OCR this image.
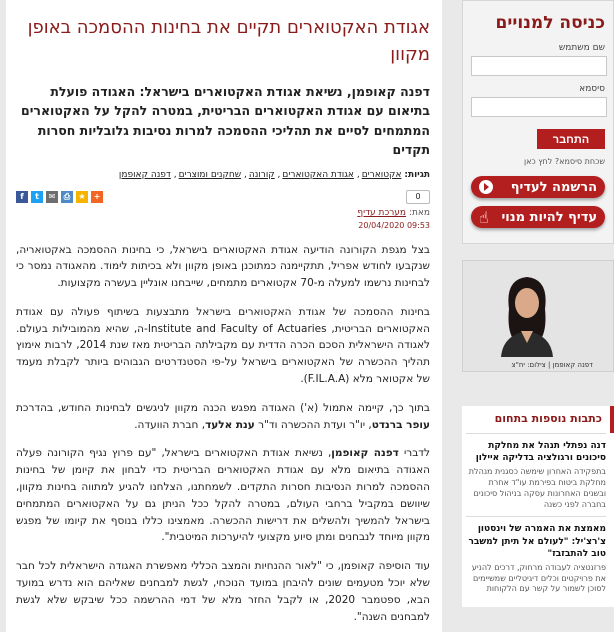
כניסה למנויים
שם משתמש
סיסמא
התחבר
שכחת סיסמא? לחץ כאן
הרשמה לעדיף
עדיף להיות מנוי
☝
דפנה קאופמן | צילום: יח"צ
כתבות נוספות בתחום
דנה נפתלי תנהל את מחלקת סיכונים ורגולציה בדליקה איילון
בתפקידה האחרון שימשה כסגנית מנהלת מחלקת ביטוח בפירמת עו"ד אחרת ובשנים האחרונות עסקה בניהול סיכונים בחברה לפני כשנה
מאמצת את האמרה של וינסטון צ'רצ'יל: "לעולם אל תיתן למשבר טוב להתבזבז"
פרזנטציה לעבודה מרחוק, דרכים להניע את פרויקטים וכלים דיגיטליים שמשיימים לסוכן לשמור על קשר עם הלקוחות
אגודת האקטוארים תקיים את בחינות ההסמכה באופן מקוון

דפנה קאופמן, נשיאת אגודת האקטוארים בישראל: האגודה פועלת בתיאום עם אגודת האקטוארים הבריטית, במטרה להקל על האקטוארים המתמחים לסיים את תהליכי ההסמכה למרות נסיבות גלובליות חסרות תקדים

תגיות: אקטוארים, אגודת האקטוארים, קורונה, שחקנים ומוצרים, דפנה קאופמן
0
f	t	✉	⎙	★	+
מאת: מערכת עדיף
09:53 20/04/2020

בצל מגפת הקורונה הודיעה אגודת האקטוארים בישראל, כי בחינות ההסמכה באקטואריה, שנקבעו לחודש אפריל, תתקיימנה כמתוכנן באופן מקוון ולא בכיתות לימוד. מהאגודה נמסר כי לבחינות נרשמו למעלה מ-70 אקטוארים מתמחים, שייבחנו אונליין בעשרה מקצועות.

בחינות ההסמכה של אגודת האקטוארים בישראל מתבצעות בשיתוף פעולה עם אגודת האקטוארים הבריטית, Institute and Faculty of Actuaries-ה, שהיא מהמובילות בעולם. לאגודה הישראלית הסכם הכרה הדדית עם מקבילתה הבריטית מאז שנת 2014, לרבות אימוץ תהליך ההכשרה של האקטוארים בישראל על-פי הסטנדרטים הגבוהים ביותר לקבלת מעמד של אקטואר מלא (F.IL.A.A).

בתוך כך, קיימה אתמול (א') האגודה מפגש הכנה מקוון לניגשים לבחינות החודש, בהדרכת עופר ברנדט, יו"ר ועדת ההכשרה וד"ר ענת אלעד, חברת הוועדה.

לדברי דפנה קאופמן, נשיאת אגודת האקטוארים בישראל, "עם פרוץ נגיף הקורונה פעלה האגודה בתיאום מלא עם אגודת האקטוארים הבריטית כדי לבחון את קיומן של בחינות ההסמכה למרות הנסיבות חסרות התקדים. לשמחתנו, הצלחנו להגיע למתווה בחינות מקוון, שיוושם במקביל ברחבי העולם, במטרה להקל ככל הניתן גם על האקטוארים המתמחים בישראל להמשיך ולהשלים את דרישות ההכשרה. מאמצינו כללו בנוסף את קיומו של מפגש מקוון מיוחד לנבחנים ומתן סיוע מקצועי להיערכות המיטבית".

עוד הוסיפה קאופמן, כי "לאור ההנחיות והמצב הכללי מאפשרת האגודה הישראלית לכל חבר שלא יוכל מטעמים שונים להיבחן במועד הנוכחי, לגשת למבחנים שאליהם הוא נדרש במועד הבא, ספטמבר 2020, או לקבל החזר מלא של דמי ההרשמה ככל שיבקש שלא לגשת למבחנים השנה".
